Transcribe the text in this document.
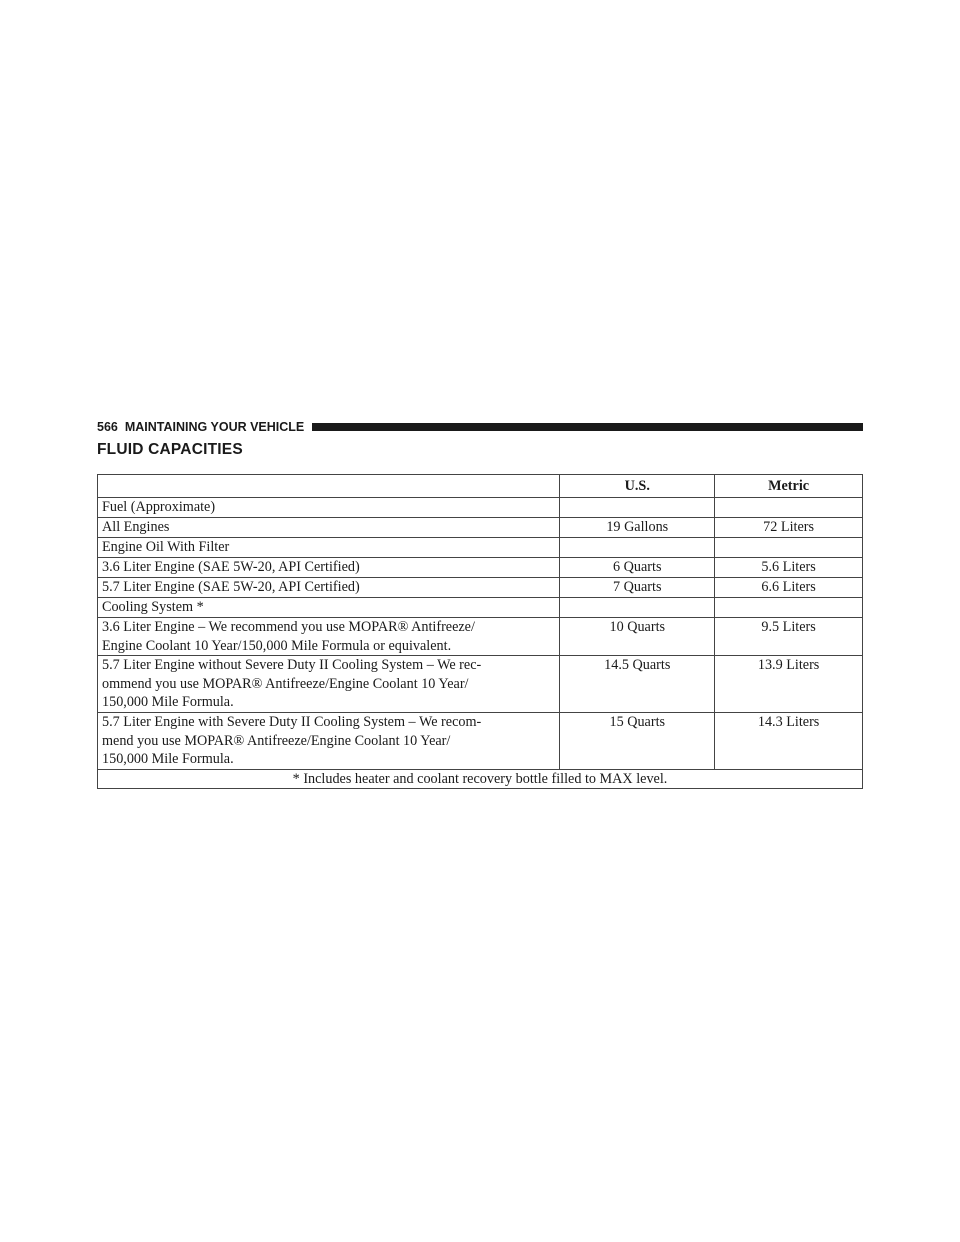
566 MAINTAINING YOUR VEHICLE
FLUID CAPACITIES
	U.S.	Metric
Fuel (Approximate)		
All Engines	19 Gallons	72 Liters
Engine Oil With Filter		
3.6 Liter Engine (SAE 5W-20, API Certified)	6 Quarts	5.6 Liters
5.7 Liter Engine (SAE 5W-20, API Certified)	7 Quarts	6.6 Liters
Cooling System *		

3.6 Liter Engine – We recommend you use MOPAR® Antifreeze/
Engine Coolant 10 Year/150,000 Mile Formula or equivalent.	10 Quarts	9.5 Liters

5.7 Liter Engine without Severe Duty II Cooling System – We rec-
ommend you use MOPAR® Antifreeze/Engine Coolant 10 Year/
150,000 Mile Formula.	14.5 Quarts	13.9 Liters

5.7 Liter Engine with Severe Duty II Cooling System – We recom-
mend you use MOPAR® Antifreeze/Engine Coolant 10 Year/
150,000 Mile Formula.	15 Quarts	14.3 Liters
* Includes heater and coolant recovery bottle filled to MAX level.		
